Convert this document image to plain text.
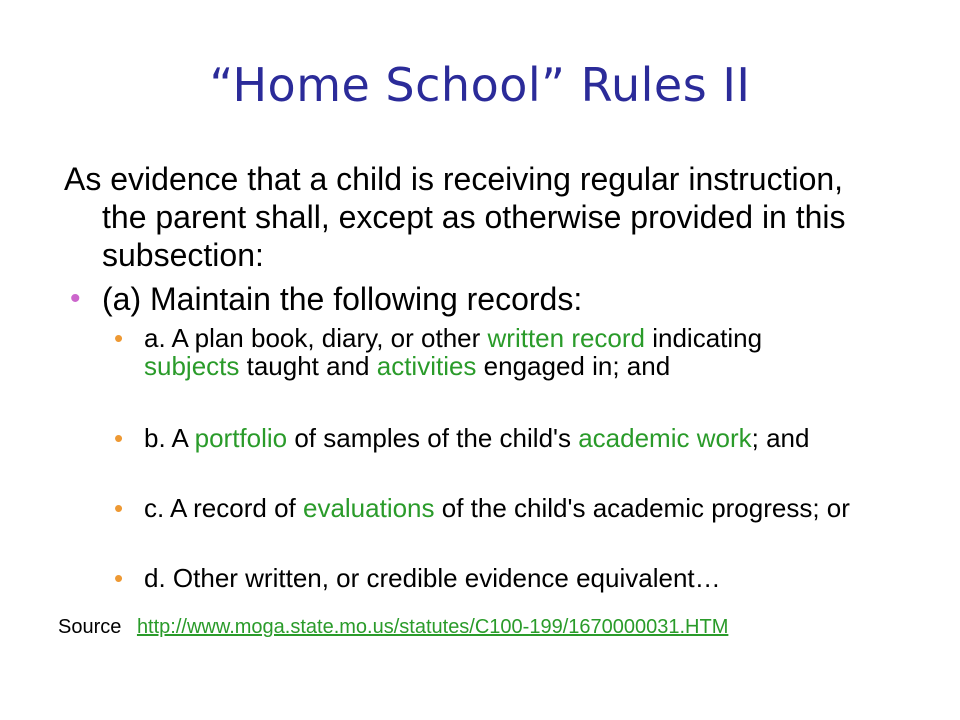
“Home School” Rules II
As evidence that a child is receiving regular instruction, the parent shall, except as otherwise provided in this subsection:
• (a) Maintain the following records:
• a. A plan book, diary, or other written record indicating subjects taught and activities engaged in; and
• b. A portfolio of samples of the child's academic work; and
• c. A record of evaluations of the child's academic progress; or
• d. Other written, or credible evidence equivalent…
Source http://www.moga.state.mo.us/statutes/C100-199/1670000031.HTM
